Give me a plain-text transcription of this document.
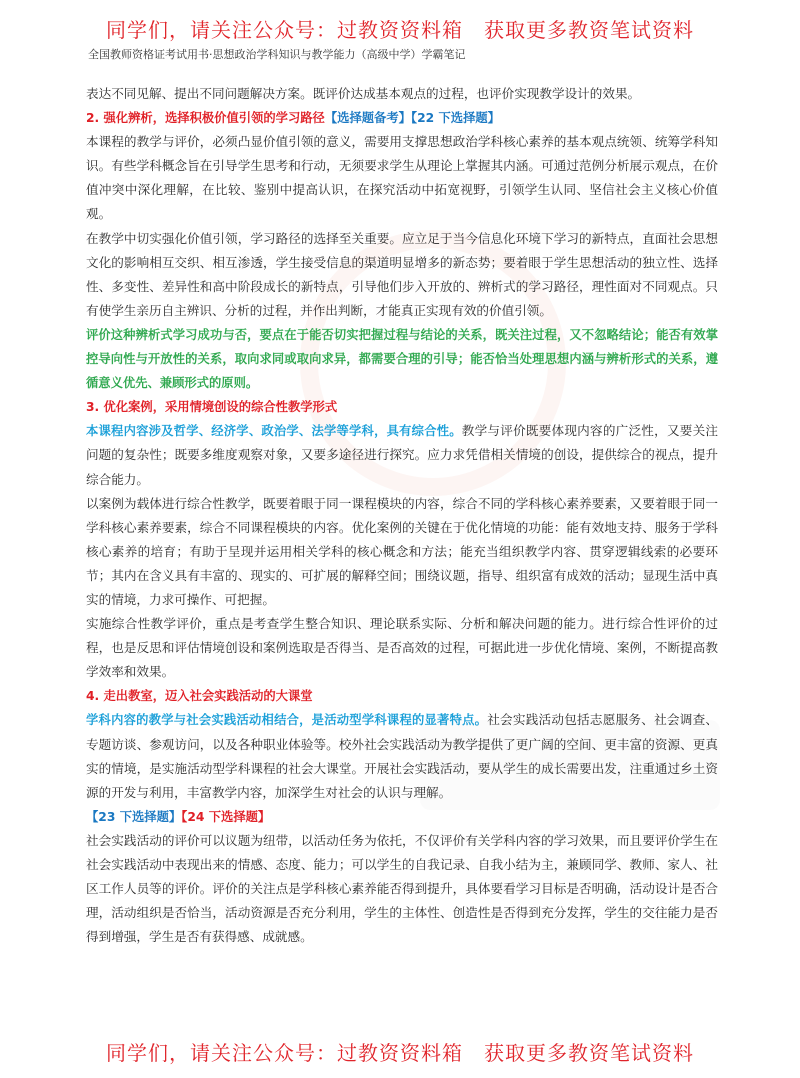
同学们，请关注公众号：过教资资料箱　获取更多教资笔试资料
全国教师资格证考试用书·思想政治学科知识与教学能力（高级中学）学霸笔记

表达不同见解、提出不同问题解决方案。既评价达成基本观点的过程，也评价实现教学设计的效果。

2. 强化辨析，选择积极价值引领的学习路径【选择题备考】【22 下选择题】

本课程的教学与评价，必须凸显价值引领的意义，需要用支撑思想政治学科核心素养的基本观点统领、统筹学科知识。有些学科概念旨在引导学生思考和行动，无须要求学生从理论上掌握其内涵。可通过范例分析展示观点，在价值冲突中深化理解，在比较、鉴别中提高认识，在探究活动中拓宽视野，引领学生认同、坚信社会主义核心价值观。

在教学中切实强化价值引领，学习路径的选择至关重要。应立足于当今信息化环境下学习的新特点，直面社会思想文化的影响相互交织、相互渗透，学生接受信息的渠道明显增多的新态势；要着眼于学生思想活动的独立性、选择性、多变性、差异性和高中阶段成长的新特点，引导他们步入开放的、辨析式的学习路径，理性面对不同观点。只有使学生亲历自主辨识、分析的过程，并作出判断，才能真正实现有效的价值引领。

评价这种辨析式学习成功与否，要点在于能否切实把握过程与结论的关系，既关注过程，又不忽略结论；能否有效掌控导向性与开放性的关系，取向求同或取向求异，都需要合理的引导；能否恰当处理思想内涵与辨析形式的关系，遵循意义优先、兼顾形式的原则。

3. 优化案例，采用情境创设的综合性教学形式

本课程内容涉及哲学、经济学、政治学、法学等学科，具有综合性。教学与评价既要体现内容的广泛性，又要关注问题的复杂性；既要多维度观察对象，又要多途径进行探究。应力求凭借相关情境的创设，提供综合的视点，提升综合能力。

以案例为载体进行综合性教学，既要着眼于同一课程模块的内容，综合不同的学科核心素养要素，又要着眼于同一学科核心素养要素，综合不同课程模块的内容。优化案例的关键在于优化情境的功能：能有效地支持、服务于学科核心素养的培育；有助于呈现并运用相关学科的核心概念和方法；能充当组织教学内容、贯穿逻辑线索的必要环节；其内在含义具有丰富的、现实的、可扩展的解释空间；围绕议题，指导、组织富有成效的活动；显现生活中真实的情境，力求可操作、可把握。

实施综合性教学评价，重点是考查学生整合知识、理论联系实际、分析和解决问题的能力。进行综合性评价的过程，也是反思和评估情境创设和案例选取是否得当、是否高效的过程，可据此进一步优化情境、案例，不断提高教学效率和效果。

4. 走出教室，迈入社会实践活动的大课堂

学科内容的教学与社会实践活动相结合，是活动型学科课程的显著特点。社会实践活动包括志愿服务、社会调查、专题访谈、参观访问，以及各种职业体验等。校外社会实践活动为教学提供了更广阔的空间、更丰富的资源、更真实的情境，是实施活动型学科课程的社会大课堂。开展社会实践活动，要从学生的成长需要出发，注重通过乡土资源的开发与利用，丰富教学内容，加深学生对社会的认识与理解。

【23 下选择题】【24 下选择题】

社会实践活动的评价可以议题为纽带，以活动任务为依托，不仅评价有关学科内容的学习效果，而且要评价学生在社会实践活动中表现出来的情感、态度、能力；可以学生的自我记录、自我小结为主，兼顾同学、教师、家人、社区工作人员等的评价。评价的关注点是学科核心素养能否得到提升，具体要看学习目标是否明确，活动设计是否合理，活动组织是否恰当，活动资源是否充分利用，学生的主体性、创造性是否得到充分发挥，学生的交往能力是否得到增强，学生是否有获得感、成就感。

同学们，请关注公众号：过教资资料箱　获取更多教资笔试资料
